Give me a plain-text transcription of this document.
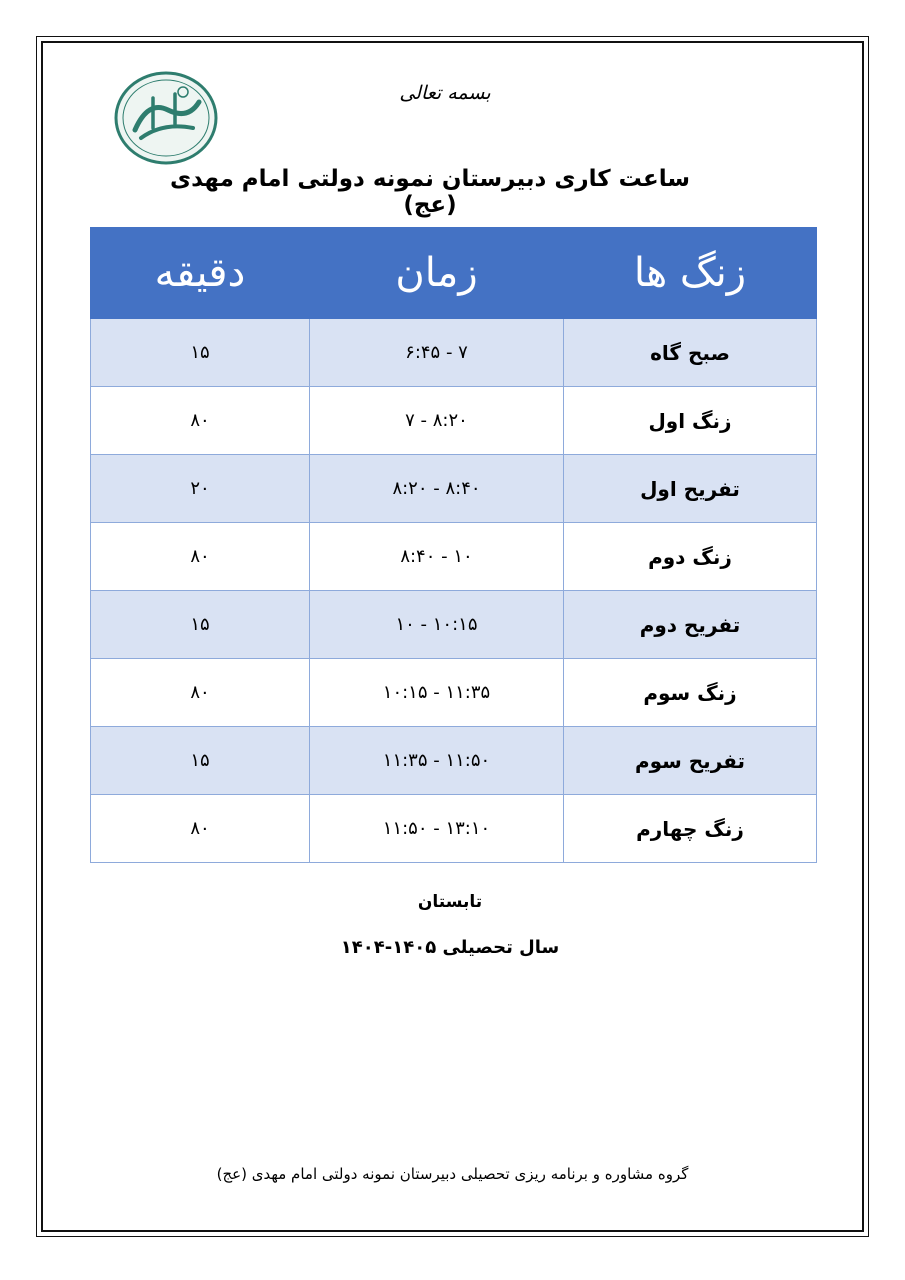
بسمه تعالی
ساعت کاری دبیرستان نمونه دولتی امام مهدی (عج)
زنگ ها	زمان	دقیقه
صبح گاه	۶:۴۵ - ۷	۱۵
زنگ اول	۷ - ۸:۲۰	۸۰
تفریح اول	۸:۲۰ - ۸:۴۰	۲۰
زنگ دوم	۸:۴۰ - ۱۰	۸۰
تفریح دوم	۱۰ - ۱۰:۱۵	۱۵
زنگ سوم	۱۰:۱۵ - ۱۱:۳۵	۸۰
تفریح سوم	۱۱:۳۵ - ۱۱:۵۰	۱۵
زنگ چهارم	۱۱:۵۰ - ۱۳:۱۰	۸۰
تابستان
سال تحصیلی ۱۴۰۵-۱۴۰۴
گروه مشاوره و برنامه ریزی تحصیلی دبیرستان نمونه دولتی امام مهدی (عج)
